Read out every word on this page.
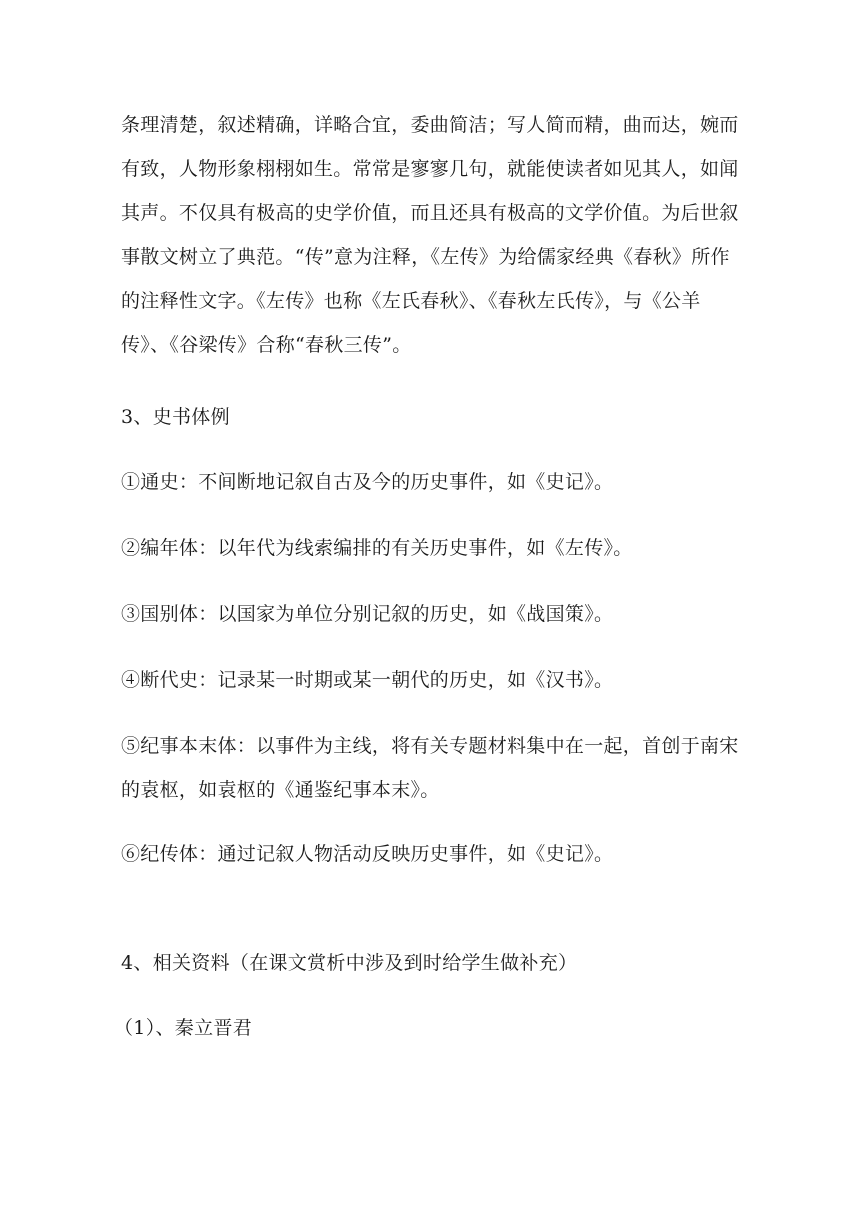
条理清楚，叙述精确，详略合宜，委曲简洁；写人简而精，曲而达，婉而有致，人物形象栩栩如生。常常是寥寥几句，就能使读者如见其人，如闻其声。不仅具有极高的史学价值，而且还具有极高的文学价值。为后世叙事散文树立了典范。“传”意为注释，《左传》为给儒家经典《春秋》所作的注释性文字。《左传》也称《左氏春秋》、《春秋左氏传》，与《公羊传》、《谷梁传》合称“春秋三传”。

3、史书体例

①通史：不间断地记叙自古及今的历史事件，如《史记》。

②编年体：以年代为线索编排的有关历史事件，如《左传》。

③国别体：以国家为单位分别记叙的历史，如《战国策》。

④断代史：记录某一时期或某一朝代的历史，如《汉书》。

⑤纪事本末体：以事件为主线，将有关专题材料集中在一起，首创于南宋的袁枢，如袁枢的《通鉴纪事本末》。

⑥纪传体：通过记叙人物活动反映历史事件，如《史记》。

4、相关资料（在课文赏析中涉及到时给学生做补充）

（1）、秦立晋君
